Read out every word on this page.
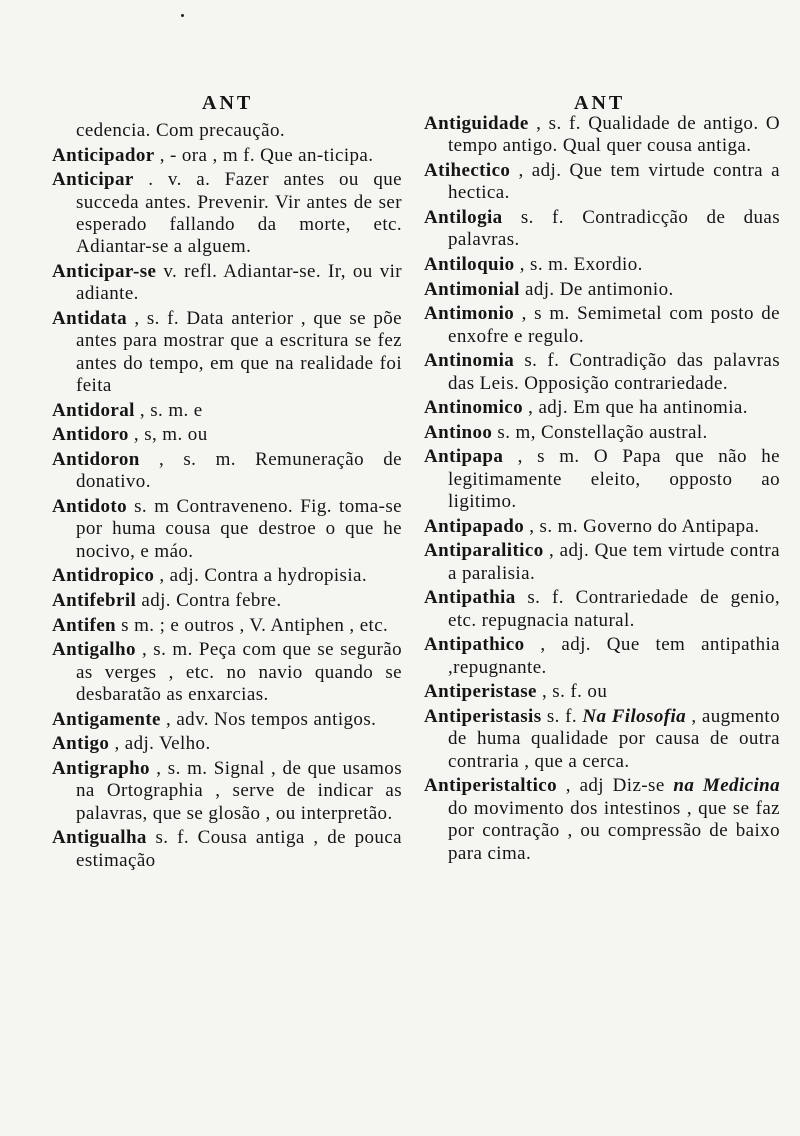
ANT
cedencia. Com precaução.
Anticipador , - ora , m f. Que an-ticipa.
Anticipar . v. a. Fazer antes ou que succeda antes. Prevenir. Vir antes de ser esperado fallando da morte, etc. Adiantar-se a alguem.
Anticipar-se v. refl. Adiantar-se. Ir, ou vir adiante.
Antidata , s. f. Data anterior , que se põe antes para mostrar que a escritura se fez antes do tempo, em que na realidade foi feita
Antidoral , s. m. e
Antidoro , s, m. ou
Antidoron , s. m. Remuneração de donativo.
Antidoto s. m Contraveneno. Fig. toma-se por huma cousa que destroe o que he nocivo, e máo.
Antidropico , adj. Contra a hydropisia.
Antifebril adj. Contra febre.
Antifen s m. ; e outros , V. Antiphen , etc.
Antigalho , s. m. Peça com que se segurão as verges , etc. no navio quando se desbaratão as enxarcias.
Antigamente , adv. Nos tempos antigos.
Antigo , adj. Velho.
Antigrapho , s. m. Signal , de que usamos na Ortographia , serve de indicar as palavras, que se glosão , ou interpretão.
Antigualha s. f. Cousa antiga , de pouca estimação
ANT
Antiguidade , s. f. Qualidade de antigo. O tempo antigo. Qual quer cousa antiga.
Atihectico , adj. Que tem virtude contra a hectica.
Antilogia s. f. Contradicção de duas palavras.
Antiloquio , s. m. Exordio.
Antimonial adj. De antimonio.
Antimonio , s m. Semimetal com posto de enxofre e regulo.
Antinomia s. f. Contradição das palavras das Leis. Opposição contrariedade.
Antinomico , adj. Em que ha antinomia.
Antinoo s. m, Constellação austral.
Antipapa , s m. O Papa que não he legitimamente eleito, opposto ao ligitimo.
Antipapado , s. m. Governo do Antipapa.
Antiparalitico , adj. Que tem virtude contra a paralisia.
Antipathia s. f. Contrariedade de genio, etc. repugnacia natural.
Antipathico , adj. Que tem antipathia ,repugnante.
Antiperistase , s. f. ou
Antiperistasis s. f. Na Filosofia , augmento de huma qualidade por causa de outra contraria , que a cerca.
Antiperistaltico , adj Diz-se na Medicina do movimento dos intestinos , que se faz por contração , ou compressão de baixo para cima.
